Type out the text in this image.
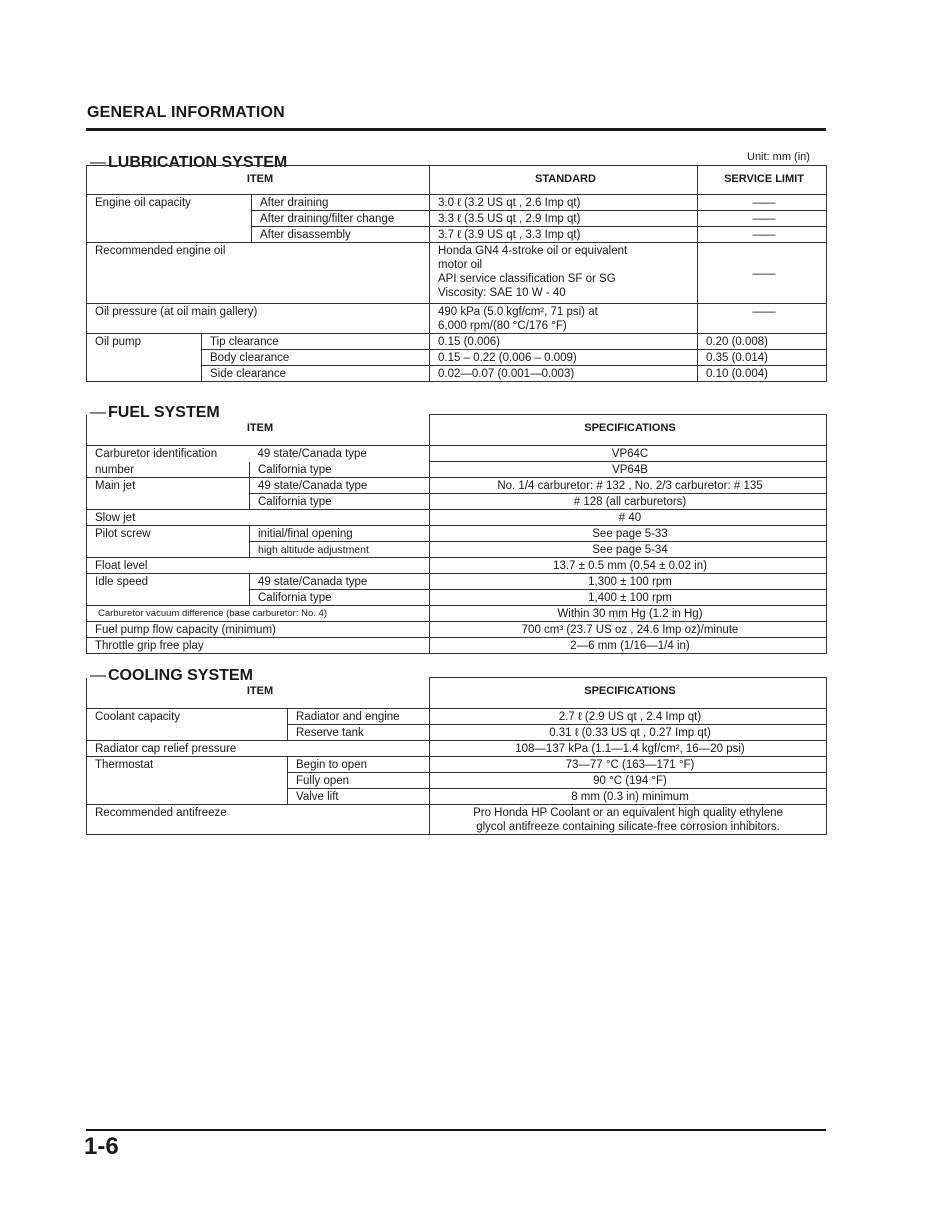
GENERAL INFORMATION
— LUBRICATION SYSTEM	Unit: mm (in)
ITEM			STANDARD	SERVICE LIMIT
Engine oil capacity		After draining	3.0 ℓ (3.2 US qt , 2.6 Imp qt)	——
		After draining/filter change	3.3 ℓ (3.5 US qt , 2.9 Imp qt)	——
		After disassembly	3.7 ℓ (3.9 US qt , 3.3 Imp qt)	——
Recommended engine oil			Honda GN4 4-stroke oil or equivalent
motor oil
API service classification SF or SG
Viscosity: SAE 10 W - 40	——
Oil pressure (at oil main gallery)			490 kPa (5.0 kgf/cm², 71 psi) at
6,000 rpm/(80 °C/176 °F)	——
Oil pump	Tip clearance		0.15 (0.006)	0.20 (0.008)
	Body clearance		0.15 – 0.22 (0.006 – 0.009)	0.35 (0.014)
	Side clearance		0.02—0.07 (0.001—0.003)	0.10 (0.004)
— FUEL SYSTEM
ITEM		SPECIFICATIONS
Carburetor identification 49 state/Canada type		VP64C
number	California type	VP64B
Main jet	49 state/Canada type	No. 1/4 carburetor: # 132 , No. 2/3 carburetor: # 135
	California type	# 128 (all carburetors)
Slow jet		# 40
Pilot screw	initial/final opening	See page 5-33
	high altitude adjustment	See page 5-34
Float level		13.7 ± 0.5 mm (0.54 ± 0.02 in)
Idle speed	49 state/Canada type	1,300 ± 100 rpm
	California type	1,400 ± 100 rpm
Carburetor vacuum difference (base carburetor: No. 4)		Within 30 mm Hg (1.2 in Hg)
Fuel pump flow capacity (minimum)		700 cm³ (23.7 US oz , 24.6 Imp oz)/minute
Throttle grip free play		2—6 mm (1/16—1/4 in)
— COOLING SYSTEM
ITEM		SPECIFICATIONS
Coolant capacity	Radiator and engine	2.7 ℓ (2.9 US qt , 2.4 Imp qt)
	Reserve tank	0.31 ℓ (0.33 US qt , 0.27 Imp qt)
Radiator cap relief pressure		108—137 kPa (1.1—1.4 kgf/cm², 16—20 psi)
Thermostat	Begin to open	73—77 °C (163—171 °F)
	Fully open	90 °C (194 °F)
	Valve lift	8 mm (0.3 in) minimum
Recommended antifreeze		Pro Honda HP Coolant or an equivalent high quality ethylene
glycol antifreeze containing silicate-free corrosion inhibitors.
1-6
